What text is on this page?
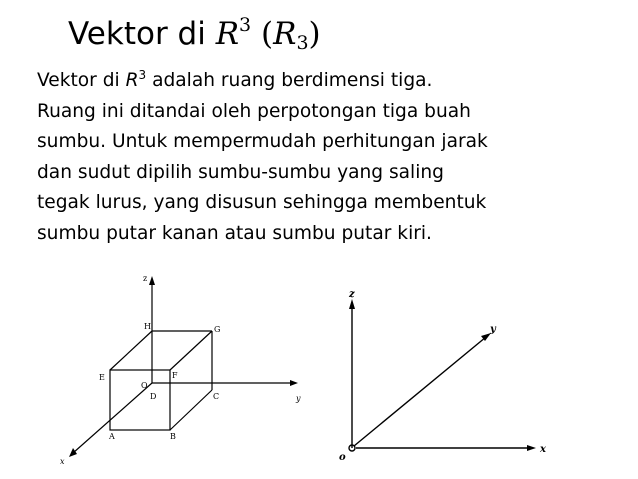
Vektor di $R^3$ (R3)
Vektor di $R^3$ adalah ruang berdimensi tiga.
Ruang ini ditandai oleh perpotongan tiga buah
sumbu. Untuk mempermudah perhitungan jarak
dan sudut dipilih sumbu-sumbu yang saling
tegak lurus, yang disusun sehingga membentuk
sumbu putar kanan atau sumbu putar kiri.
z
y
x
O
H	G
E	F
D	C
A	B
z
y
x
o
